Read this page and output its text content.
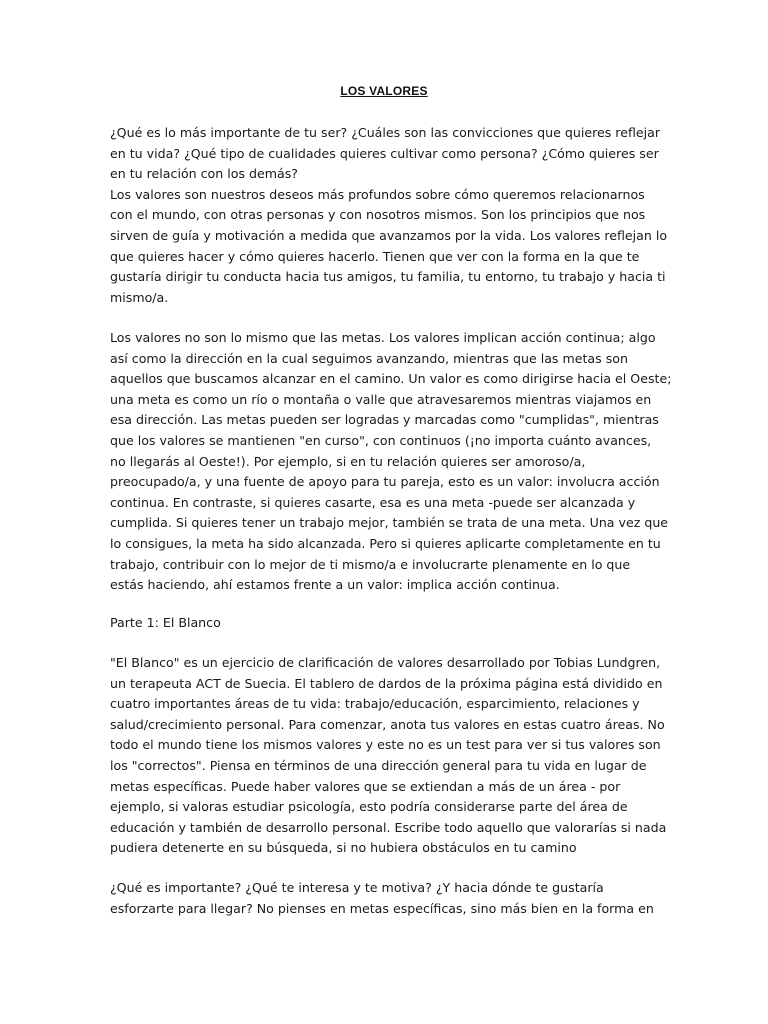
LOS VALORES
¿Qué es lo más importante de tu ser? ¿Cuáles son las convicciones que quieres reflejar
en tu vida? ¿Qué tipo de cualidades quieres cultivar como persona? ¿Cómo quieres ser
en tu relación con los demás?
Los valores son nuestros deseos más profundos sobre cómo queremos relacionarnos
con el mundo, con otras personas y con nosotros mismos. Son los principios que nos
sirven de guía y motivación a medida que avanzamos por la vida. Los valores reflejan lo
que quieres hacer y cómo quieres hacerlo. Tienen que ver con la forma en la que te
gustaría dirigir tu conducta hacia tus amigos, tu familia, tu entorno, tu trabajo y hacia ti
mismo/a.
Los valores no son lo mismo que las metas. Los valores implican acción continua; algo
así como la dirección en la cual seguimos avanzando, mientras que las metas son
aquellos que buscamos alcanzar en el camino. Un valor es como dirigirse hacia el Oeste;
una meta es como un río o montaña o valle que atravesaremos mientras viajamos en
esa dirección. Las metas pueden ser logradas y marcadas como "cumplidas", mientras
que los valores se mantienen "en curso", con continuos (¡no importa cuánto avances,
no llegarás al Oeste!). Por ejemplo, si en tu relación quieres ser amoroso/a,
preocupado/a, y una fuente de apoyo para tu pareja, esto es un valor: involucra acción
continua. En contraste, si quieres casarte, esa es una meta -puede ser alcanzada y
cumplida. Si quieres tener un trabajo mejor, también se trata de una meta. Una vez que
lo consigues, la meta ha sido alcanzada. Pero si quieres aplicarte completamente en tu
trabajo, contribuir con lo mejor de ti mismo/a e involucrarte plenamente en lo que
estás haciendo, ahí estamos frente a un valor: implica acción continua.
Parte 1: El Blanco
"El Blanco" es un ejercicio de clarificación de valores desarrollado por Tobias Lundgren,
un terapeuta ACT de Suecia. El tablero de dardos de la próxima página está dividido en
cuatro importantes áreas de tu vida: trabajo/educación, esparcimiento, relaciones y
salud/crecimiento personal. Para comenzar, anota tus valores en estas cuatro áreas. No
todo el mundo tiene los mismos valores y este no es un test para ver si tus valores son
los "correctos". Piensa en términos de una dirección general para tu vida en lugar de
metas específicas. Puede haber valores que se extiendan a más de un área - por
ejemplo, si valoras estudiar psicología, esto podría considerarse parte del área de
educación y también de desarrollo personal. Escribe todo aquello que valorarías si nada
pudiera detenerte en su búsqueda, si no hubiera obstáculos en tu camino
¿Qué es importante? ¿Qué te interesa y te motiva? ¿Y hacia dónde te gustaría
esforzarte para llegar? No pienses en metas específicas, sino más bien en la forma en
